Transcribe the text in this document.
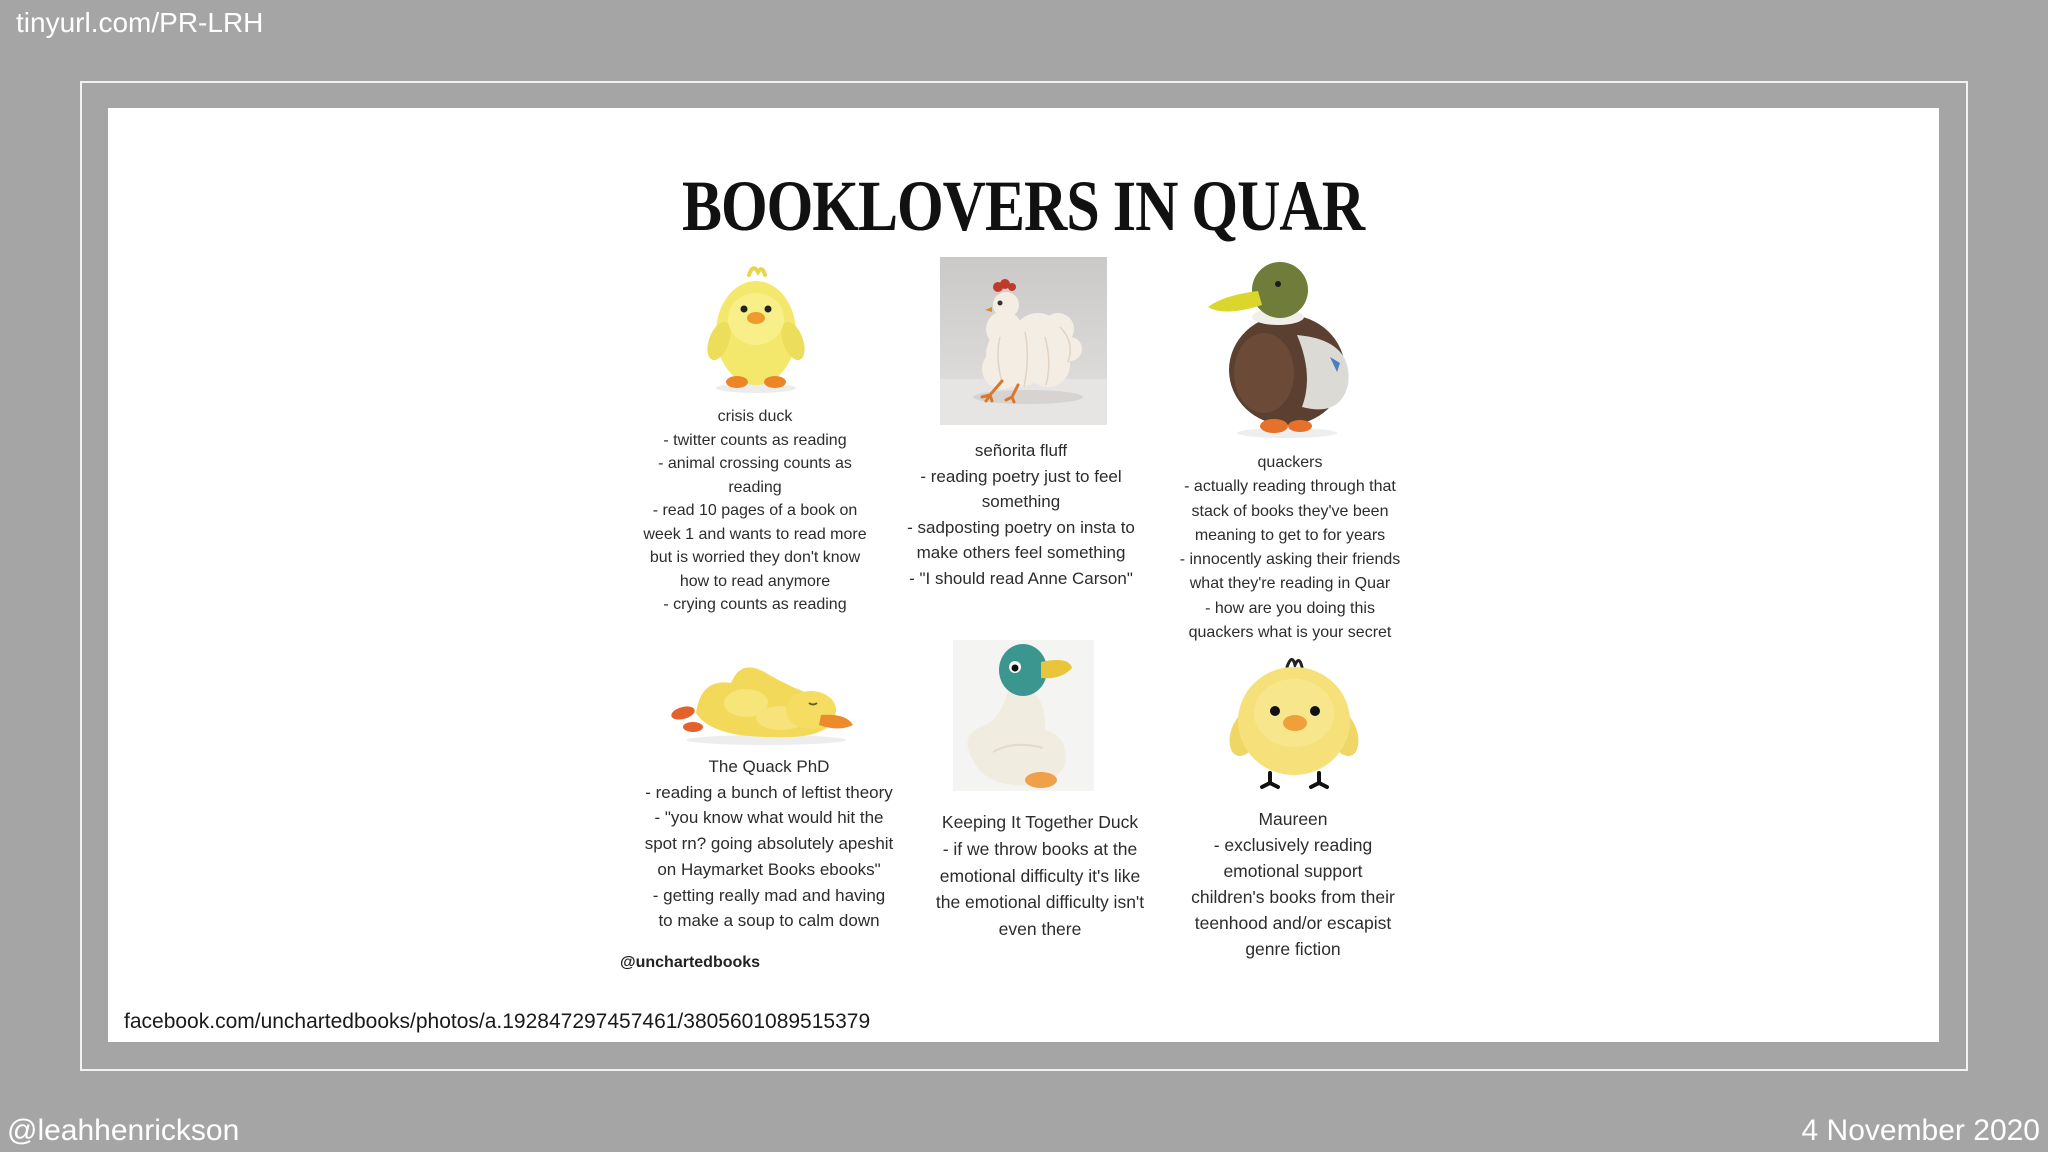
tinyurl.com/PR-LRH
BOOKLOVERS IN QUAR
crisis duck
- twitter counts as reading
- animal crossing counts as
reading
- read 10 pages of a book on
week 1 and wants to read more
but is worried they don't know
how to read anymore
- crying counts as reading
señorita fluff
- reading poetry just to feel
something
- sadposting poetry on insta to
make others feel something
- "I should read Anne Carson"
quackers
- actually reading through that
stack of books they've been
meaning to get to for years
- innocently asking their friends
what they're reading in Quar
- how are you doing this
quackers what is your secret
The Quack PhD
- reading a bunch of leftist theory
- "you know what would hit the
spot rn? going absolutely apeshit
on Haymarket Books ebooks"
- getting really mad and having
to make a soup to calm down
Keeping It Together Duck
- if we throw books at the
emotional difficulty it's like
the emotional difficulty isn't
even there
Maureen
- exclusively reading
emotional support
children's books from their
teenhood and/or escapist
genre fiction
@unchartedbooks
facebook.com/unchartedbooks/photos/a.192847297457461/3805601089515379
@leahhenrickson	4 November 2020
